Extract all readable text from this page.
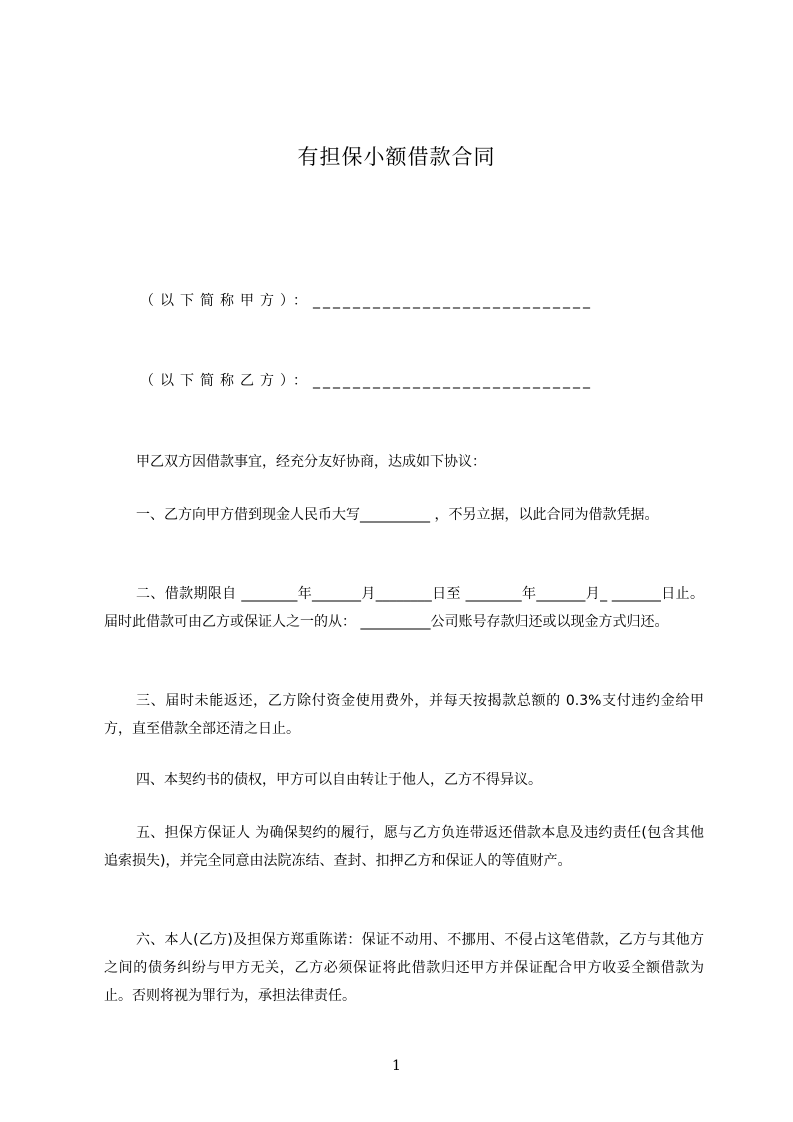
有担保小额借款合同
（以下简称甲方）：____________________________
（以下简称乙方）：____________________________

甲乙双方因借款事宜，经充分友好协商，达成如下协议：

一、乙方向甲方借到现金人民币大写__________ ，不另立据，以此合同为借款凭据。

二、借款期限自 ________年_______月________日至 ________年_______月_ _______日止。届时此借款可由乙方或保证人之一的从： __________公司账号存款归还或以现金方式归还。

三、届时未能返还，乙方除付资金使用费外，并每天按揭款总额的 0.3%支付违约金给甲方，直至借款全部还清之日止。

四、本契约书的债权，甲方可以自由转让于他人，乙方不得异议。

五、担保方保证人 为确保契约的履行，愿与乙方负连带返还借款本息及违约责任(包含其他追索损失)，并完全同意由法院冻结、查封、扣押乙方和保证人的等值财产。

六、本人(乙方)及担保方郑重陈诺：保证不动用、不挪用、不侵占这笔借款，乙方与其他方之间的债务纠纷与甲方无关，乙方必须保证将此借款归还甲方并保证配合甲方收妥全额借款为止。否则将视为罪行为，承担法律责任。

1
